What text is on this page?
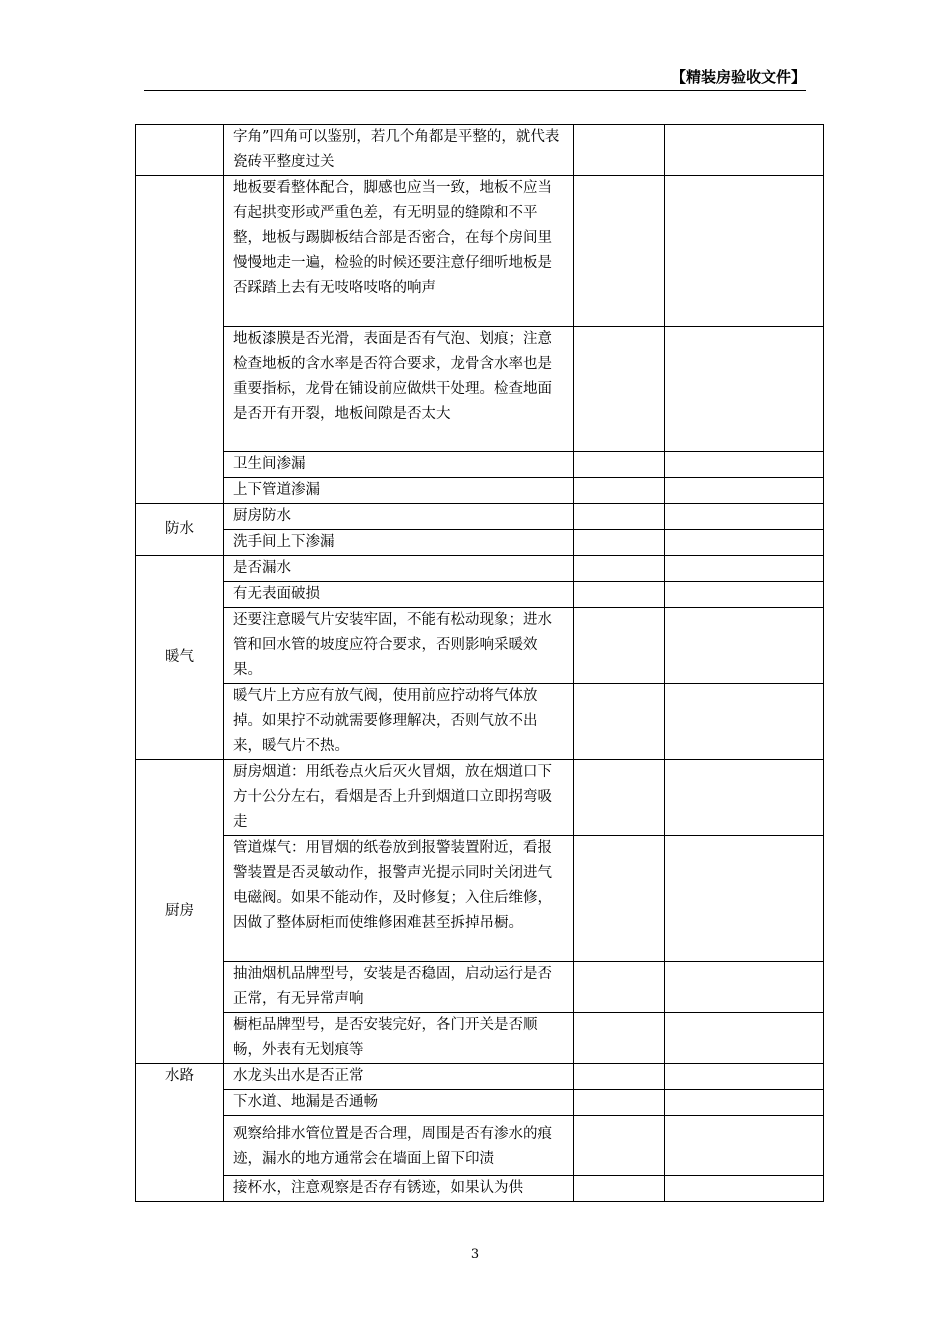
【精装房验收文件】
	字角”四角可以鉴别，若几个角都是平整的，就代表瓷砖平整度过关		
	地板要看整体配合，脚感也应当一致，地板不应当有起拱变形或严重色差，有无明显的缝隙和不平整，地板与踢脚板结合部是否密合，在每个房间里慢慢地走一遍，检验的时候还要注意仔细听地板是否踩踏上去有无吱咯吱咯的响声		
	地板漆膜是否光滑，表面是否有气泡、划痕；注意检查地板的含水率是否符合要求，龙骨含水率也是重要指标，龙骨在铺设前应做烘干处理。检查地面是否开有开裂，地板间隙是否太大		
	卫生间渗漏		
	上下管道渗漏		
防水	厨房防水		
	洗手间上下渗漏		
暖气	是否漏水		
	有无表面破损		
	还要注意暖气片安装牢固，不能有松动现象；进水管和回水管的坡度应符合要求，否则影响采暖效果。		
	暖气片上方应有放气阀，使用前应拧动将气体放掉。如果拧不动就需要修理解决，否则气放不出来，暖气片不热。		
厨房	厨房烟道：用纸卷点火后灭火冒烟，放在烟道口下方十公分左右，看烟是否上升到烟道口立即拐弯吸走		
	管道煤气：用冒烟的纸卷放到报警装置附近，看报警装置是否灵敏动作，报警声光提示同时关闭进气电磁阀。如果不能动作，及时修复；入住后维修，因做了整体厨柜而使维修困难甚至拆掉吊橱。		
	抽油烟机品牌型号，安装是否稳固，启动运行是否正常，有无异常声响		
	橱柜品牌型号，是否安装完好，各门开关是否顺畅，外表有无划痕等		
水路	水龙头出水是否正常		
	下水道、地漏是否通畅		
	观察给排水管位置是否合理，周围是否有渗水的痕迹，漏水的地方通常会在墙面上留下印渍		
	接杯水，注意观察是否存有锈迹，如果认为供		
3
